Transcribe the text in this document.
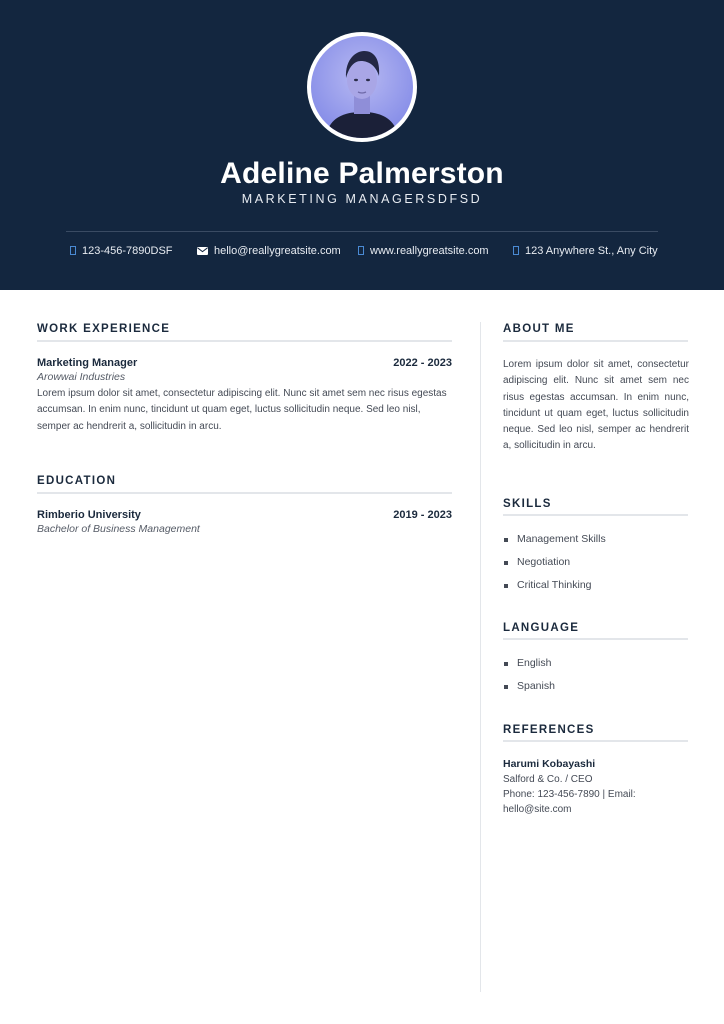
Adeline Palmerston
MARKETING MANAGERSDFSD
123-456-7890DSF	hello@reallygreatsite.com	www.reallygreatsite.com	123 Anywhere St., Any City
WORK EXPERIENCE
Marketing Manager	2022 - 2023
Arowwai Industries

Lorem ipsum dolor sit amet, consectetur adipiscing elit. Nunc sit amet sem nec risus egestas accumsan. In enim nunc, tincidunt ut quam eget, luctus sollicitudin neque. Sed leo nisl, semper ac hendrerit a, sollicitudin in arcu.

EDUCATION
Rimberio University	2019 - 2023
Bachelor of Business Management
ABOUT ME

Lorem ipsum dolor sit amet, consectetur adipiscing elit. Nunc sit amet sem nec risus egestas accumsan. In enim nunc, tincidunt ut quam eget, luctus sollicitudin neque. Sed leo nisl, semper ac hendrerit a, sollicitudin in arcu.

SKILLS
Management Skills
Negotiation
Critical Thinking
LANGUAGE
English
Spanish
REFERENCES
Harumi Kobayashi
Salford & Co. / CEO
Phone: 123-456-7890 | Email:
hello@site.com
